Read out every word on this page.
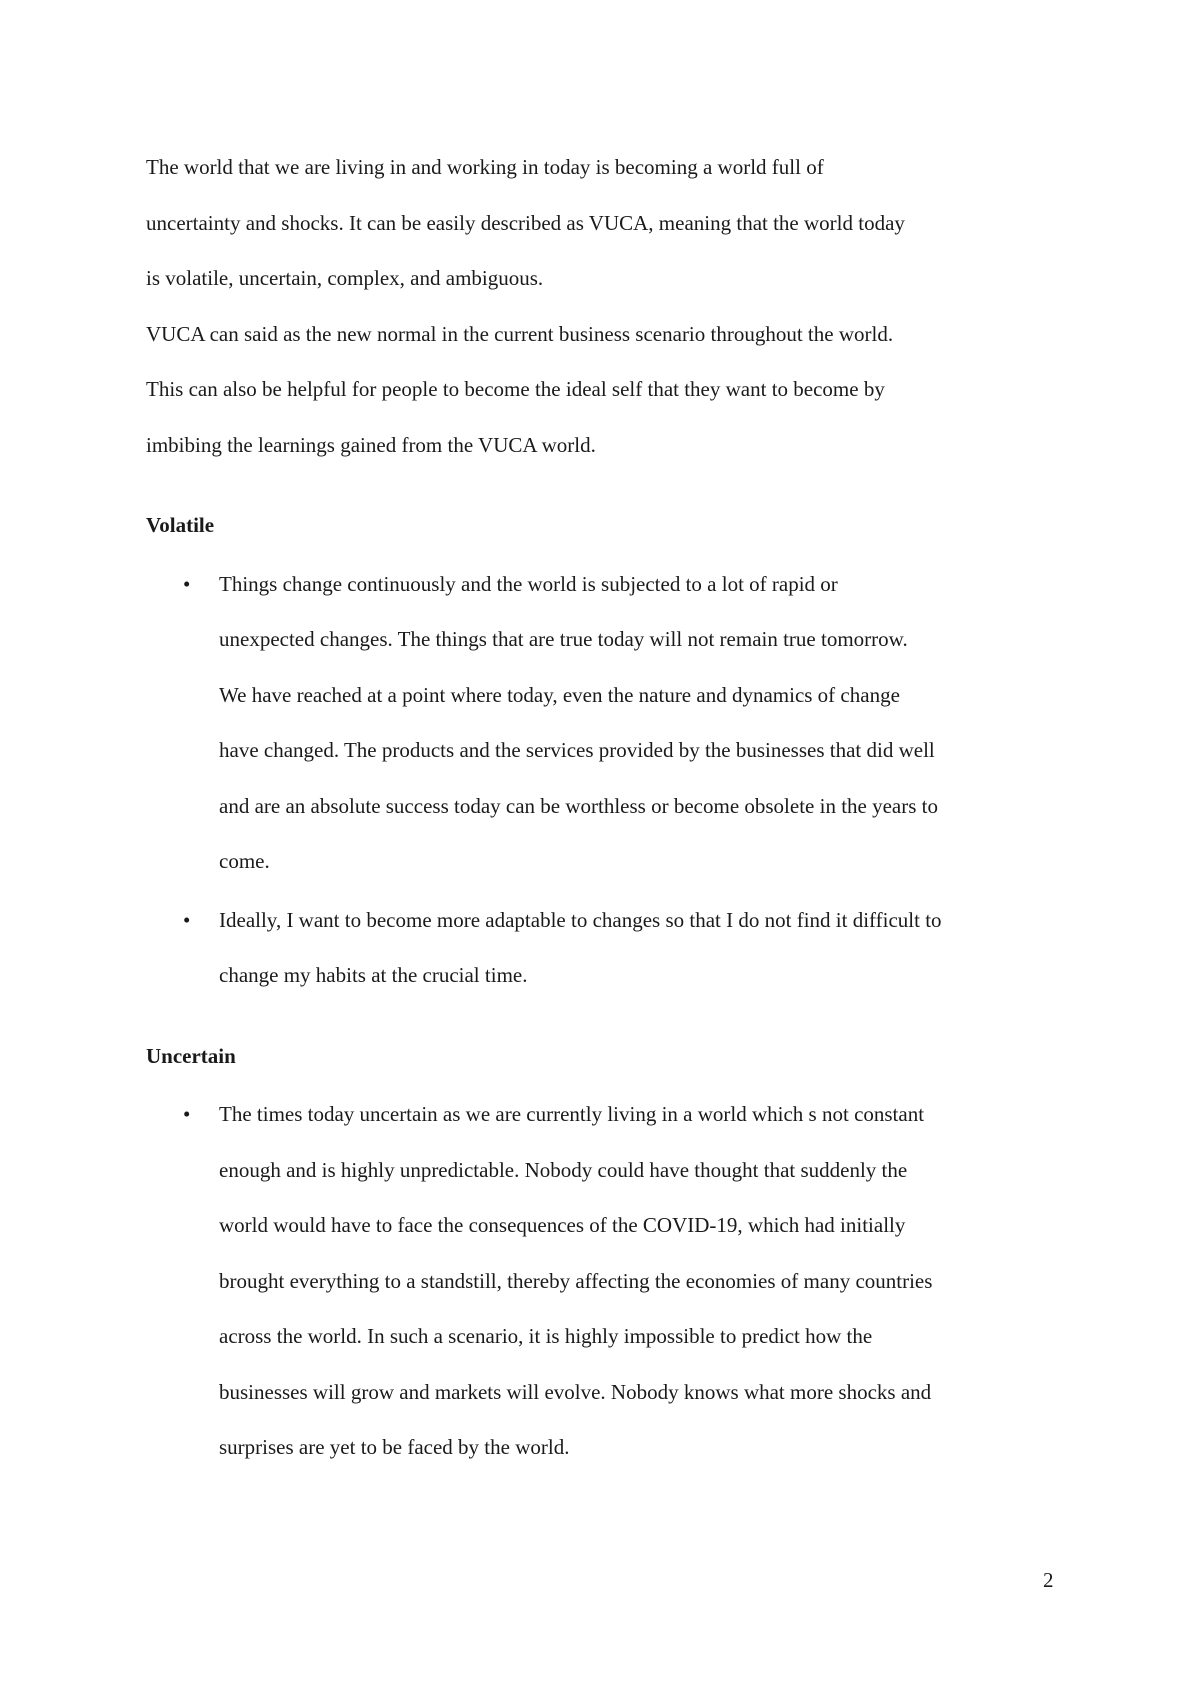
The world that we are living in and working in today is becoming a world full of
uncertainty and shocks. It can be easily described as VUCA, meaning that the world today
is volatile, uncertain, complex, and ambiguous.
VUCA can said as the new normal in the current business scenario throughout the world.
This can also be helpful for people to become the ideal self that they want to become by
imbibing the learnings gained from the VUCA world.
Volatile
• Things change continuously and the world is subjected to a lot of rapid or
unexpected changes. The things that are true today will not remain true tomorrow.
We have reached at a point where today, even the nature and dynamics of change
have changed. The products and the services provided by the businesses that did well
and are an absolute success today can be worthless or become obsolete in the years to
come.
• Ideally, I want to become more adaptable to changes so that I do not find it difficult to
change my habits at the crucial time.
Uncertain
• The times today uncertain as we are currently living in a world which s not constant
enough and is highly unpredictable. Nobody could have thought that suddenly the
world would have to face the consequences of the COVID-19, which had initially
brought everything to a standstill, thereby affecting the economies of many countries
across the world. In such a scenario, it is highly impossible to predict how the
businesses will grow and markets will evolve. Nobody knows what more shocks and
surprises are yet to be faced by the world.
2
